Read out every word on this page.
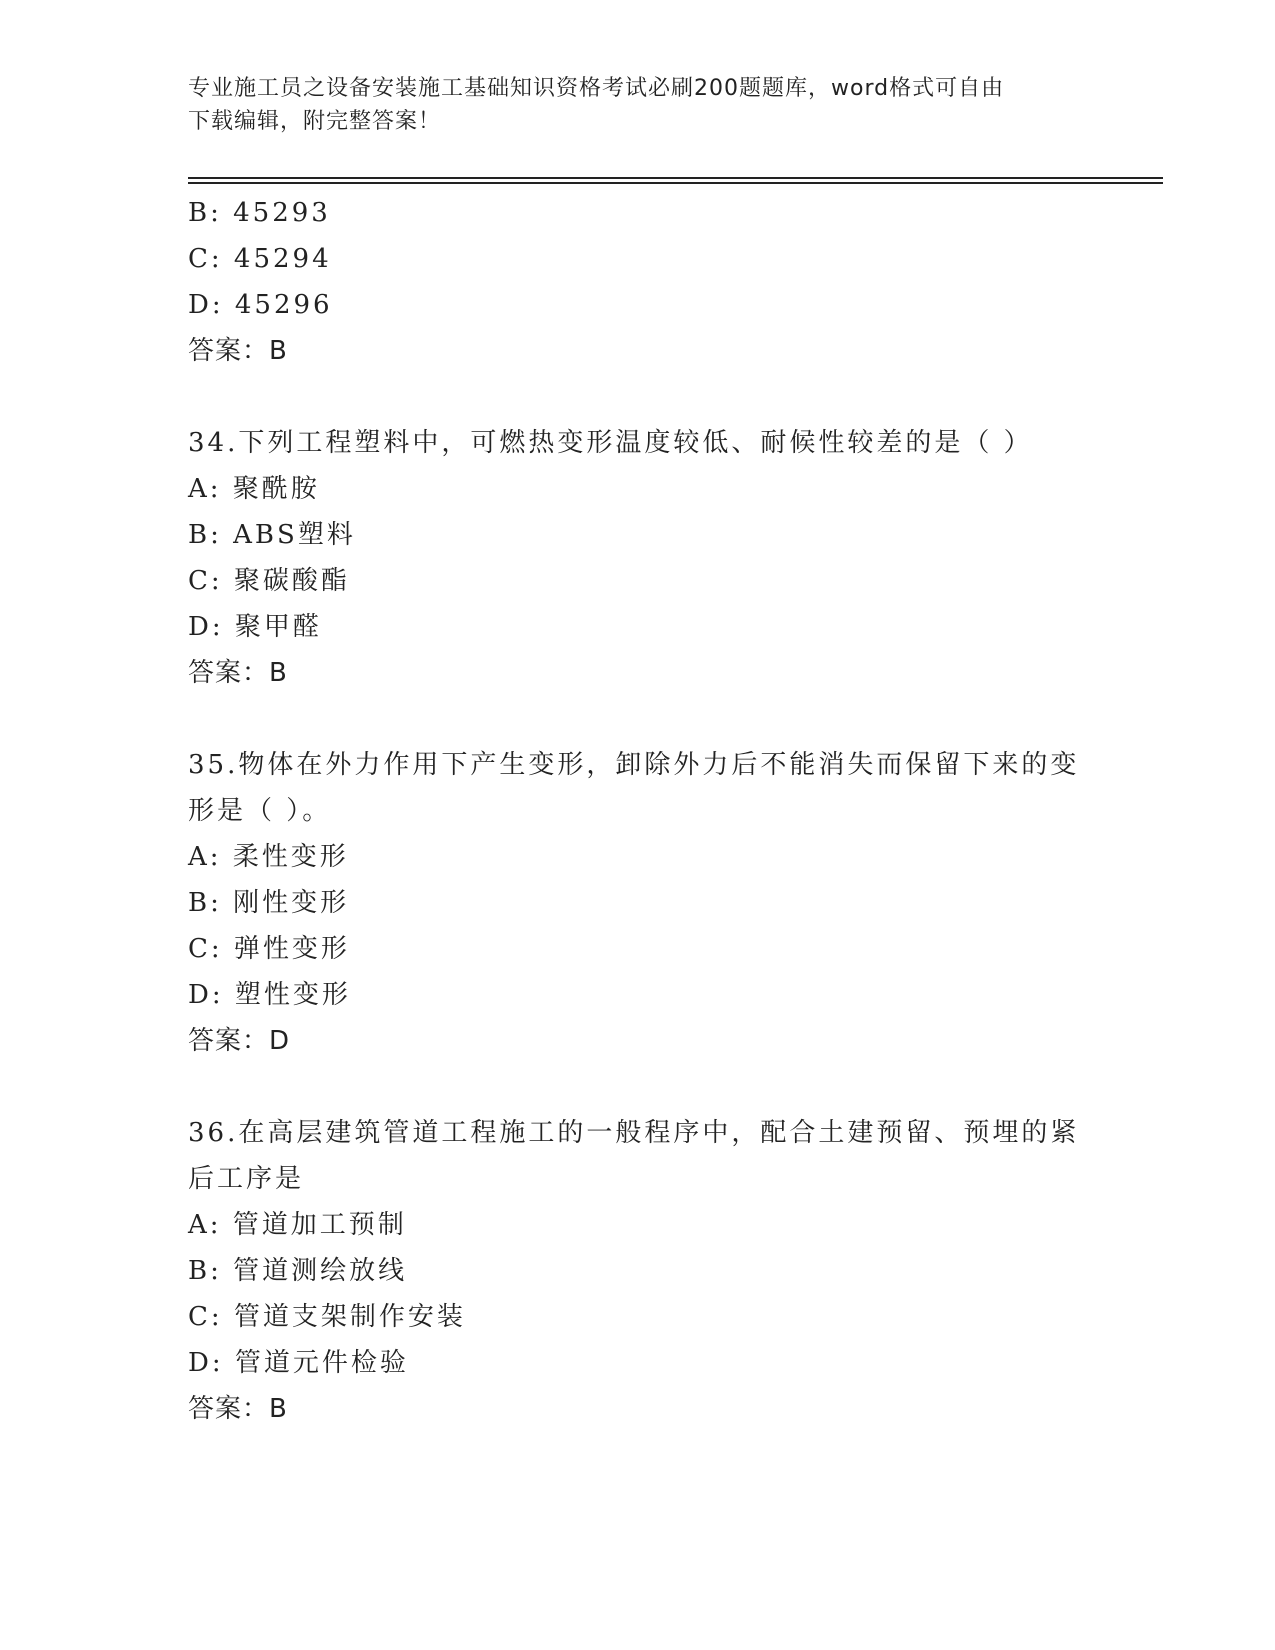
专业施工员之设备安装施工基础知识资格考试必刷200题题库，word格式可自由
下载编辑，附完整答案！
B: 45293
C: 45294
D: 45296
答案：B
34.下列工程塑料中，可燃热变形温度较低、耐候性较差的是（ ）
A: 聚酰胺
B: ABS塑料
C: 聚碳酸酯
D: 聚甲醛
答案：B
35.物体在外力作用下产生变形，卸除外力后不能消失而保留下来的变
形是（ ）。
A: 柔性变形
B: 刚性变形
C: 弹性变形
D: 塑性变形
答案：D
36.在高层建筑管道工程施工的一般程序中，配合土建预留、预埋的紧
后工序是
A: 管道加工预制
B: 管道测绘放线
C: 管道支架制作安装
D: 管道元件检验
答案：B
